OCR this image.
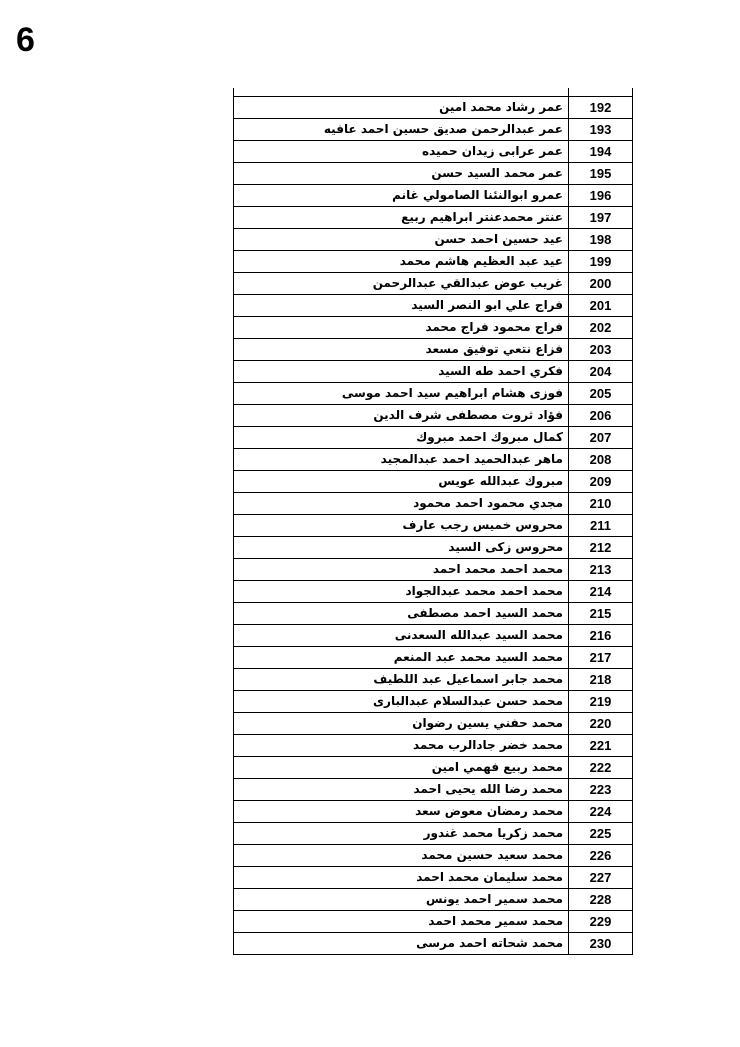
6

عمر رشاد محمد امين	192
عمر عبدالرحمن صديق حسين احمد عافيه	193
عمر عرابى زيدان حميده	194
عمر محمد السيد حسن	195
عمرو ابوالنئنا الصامولي غانم	196
عنتر محمدعنتر ابراهيم ربيع	197
عيد حسين احمد حسن	198
عيد عبد العظيم هاشم محمد	199
غريب عوض عبدالقي عبدالرحمن	200
فراج علي ابو النصر السيد	201
فراج محمود فراج محمد	202
فزاع نتعي توفيق مسعد	203
فكري احمد طه السيد	204
فوزى هشام ابراهيم سيد احمد موسى	205
فؤاد ثروت مصطفى شرف الدين	206
كمال مبروك احمد مبروك	207
ماهر عبدالحميد احمد عبدالمجيد	208
مبروك عبدالله عويس	209
مجدي محمود احمد محمود	210
محروس خميس رجب عارف	211
محروس زكى السيد	212
محمد احمد محمد احمد	213
محمد احمد محمد عبدالجواد	214
محمد السيد احمد مصطفى	215
محمد السيد عبدالله السعدنى	216
محمد السيد محمد عبد المنعم	217
محمد جابر اسماعيل عبد اللطيف	218
محمد حسن عبدالسلام عبدالبارى	219
محمد حفني يسين رضوان	220
محمد خضر جادالرب محمد	221
محمد ربيع فهمي امين	222
محمد رضا الله يحيى احمد	223
محمد رمضان معوض سعد	224
محمد زكريا محمد غندور	225
محمد سعيد حسين محمد	226
محمد سليمان محمد احمد	227
محمد سمير احمد يونس	228
محمد سمير محمد احمد	229
محمد شحاته احمد مرسى	230
